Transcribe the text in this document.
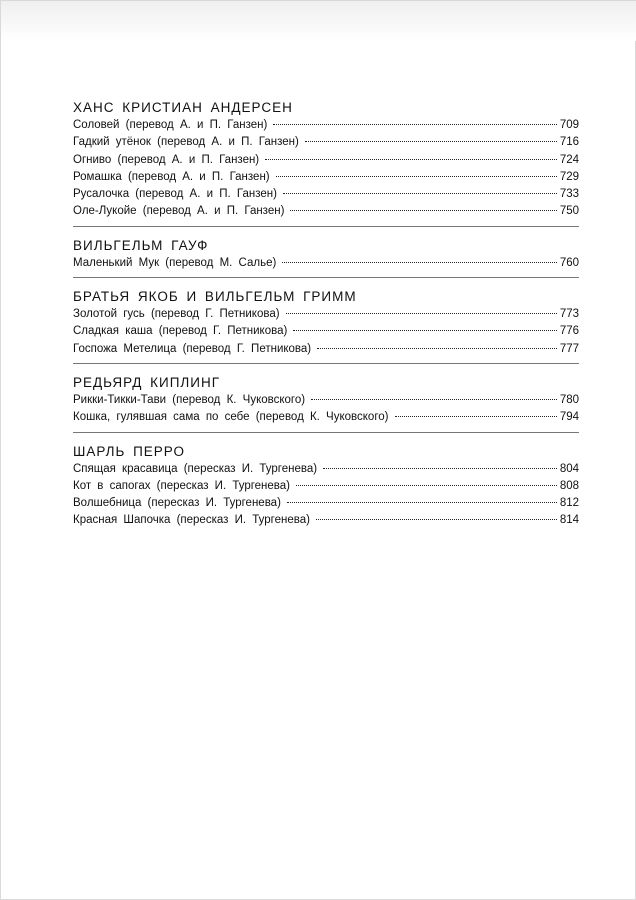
ХАНС КРИСТИАН АНДЕРСЕН
Соловей (перевод А. и П. Ганзен)	709
Гадкий утёнок (перевод А. и П. Ганзен)	716
Огниво (перевод А. и П. Ганзен)	724
Ромашка (перевод А. и П. Ганзен)	729
Русалочка (перевод А. и П. Ганзен)	733
Оле-Лукойе (перевод А. и П. Ганзен)	750
ВИЛЬГЕЛЬМ ГАУФ
Маленький Мук (перевод М. Салье)	760
БРАТЬЯ ЯКОБ И ВИЛЬГЕЛЬМ ГРИММ
Золотой гусь (перевод Г. Петникова)	773
Сладкая каша (перевод Г. Петникова)	776
Госпожа Метелица (перевод Г. Петникова)	777
РЕДЬЯРД КИПЛИНГ
Рикки-Тикки-Тави (перевод К. Чуковского)	780
Кошка, гулявшая сама по себе (перевод К. Чуковского)	794
ШАРЛЬ ПЕРРО
Спящая красавица (пересказ И. Тургенева)	804
Кот в сапогах (пересказ И. Тургенева)	808
Волшебница (пересказ И. Тургенева)	812
Красная Шапочка (пересказ И. Тургенева)	814
